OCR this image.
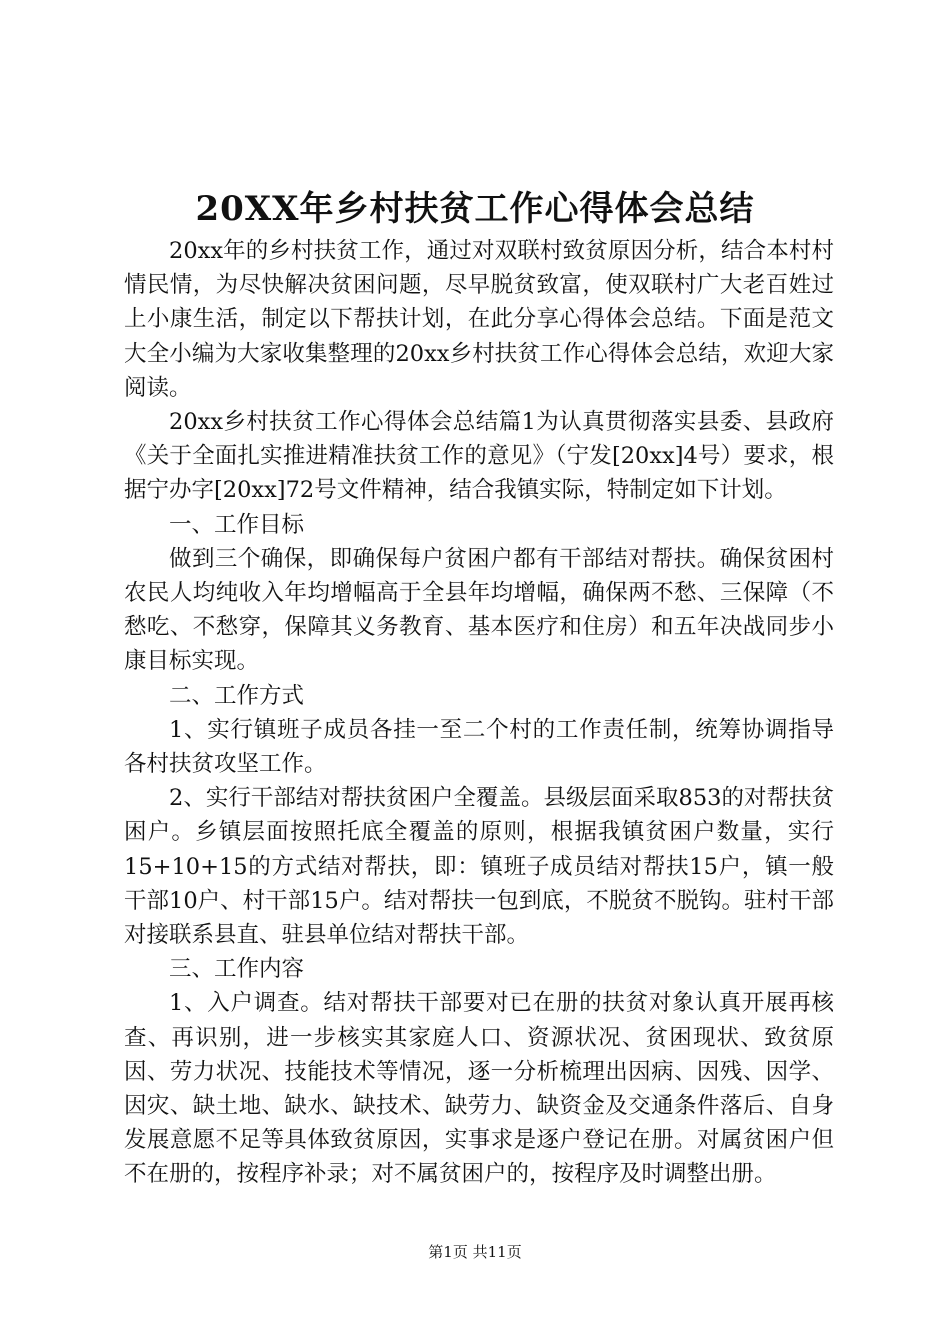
20XX年乡村扶贫工作心得体会总结

20xx年的乡村扶贫工作，通过对双联村致贫原因分析，结合本村村情民情，为尽快解决贫困问题，尽早脱贫致富，使双联村广大老百姓过上小康生活，制定以下帮扶计划，在此分享心得体会总结。下面是范文大全小编为大家收集整理的20xx乡村扶贫工作心得体会总结，欢迎大家阅读。

20xx乡村扶贫工作心得体会总结篇1为认真贯彻落实县委、县政府《关于全面扎实推进精准扶贫工作的意见》（宁发[20xx]4号）要求，根据宁办字[20xx]72号文件精神，结合我镇实际，特制定如下计划。

一、工作目标

做到三个确保，即确保每户贫困户都有干部结对帮扶。确保贫困村农民人均纯收入年均增幅高于全县年均增幅，确保两不愁、三保障（不愁吃、不愁穿，保障其义务教育、基本医疗和住房）和五年决战同步小康目标实现。

二、工作方式

1、实行镇班子成员各挂一至二个村的工作责任制，统筹协调指导各村扶贫攻坚工作。

2、实行干部结对帮扶贫困户全覆盖。县级层面采取853的对帮扶贫困户。乡镇层面按照托底全覆盖的原则，根据我镇贫困户数量，实行15+10+15的方式结对帮扶，即：镇班子成员结对帮扶15户，镇一般干部10户、村干部15户。结对帮扶一包到底，不脱贫不脱钩。驻村干部对接联系县直、驻县单位结对帮扶干部。

三、工作内容

1、入户调查。结对帮扶干部要对已在册的扶贫对象认真开展再核查、再识别，进一步核实其家庭人口、资源状况、贫困现状、致贫原因、劳力状况、技能技术等情况，逐一分析梳理出因病、因残、因学、因灾、缺土地、缺水、缺技术、缺劳力、缺资金及交通条件落后、自身发展意愿不足等具体致贫原因，实事求是逐户登记在册。对属贫困户但不在册的，按程序补录；对不属贫困户的，按程序及时调整出册。

第1页 共11页
